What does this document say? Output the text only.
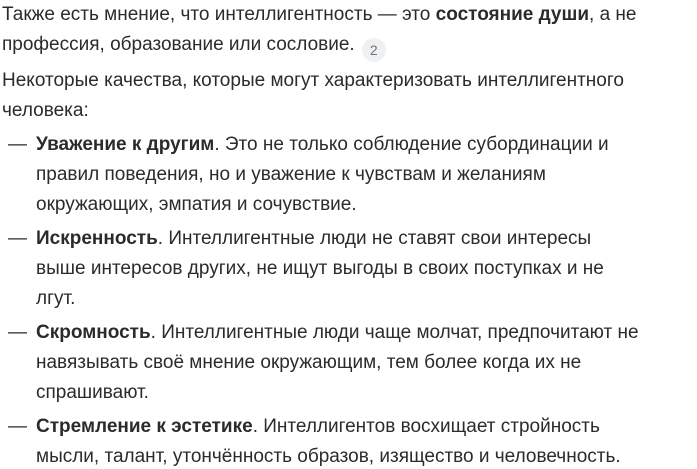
Также есть мнение, что интеллигентность — это состояние души, а не
профессия, образование или сословие. 2
Некоторые качества, которые могут характеризовать интеллигентного
человека:
— Уважение к другим. Это не только соблюдение субординации и
правил поведения, но и уважение к чувствам и желаниям
окружающих, эмпатия и сочувствие.
— Искренность. Интеллигентные люди не ставят свои интересы
выше интересов других, не ищут выгоды в своих поступках и не
лгут.
— Скромность. Интеллигентные люди чаще молчат, предпочитают не
навязывать своё мнение окружающим, тем более когда их не
спрашивают.
— Стремление к эстетике. Интеллигентов восхищает стройность
мысли, талант, утончённость образов, изящество и человечность.
